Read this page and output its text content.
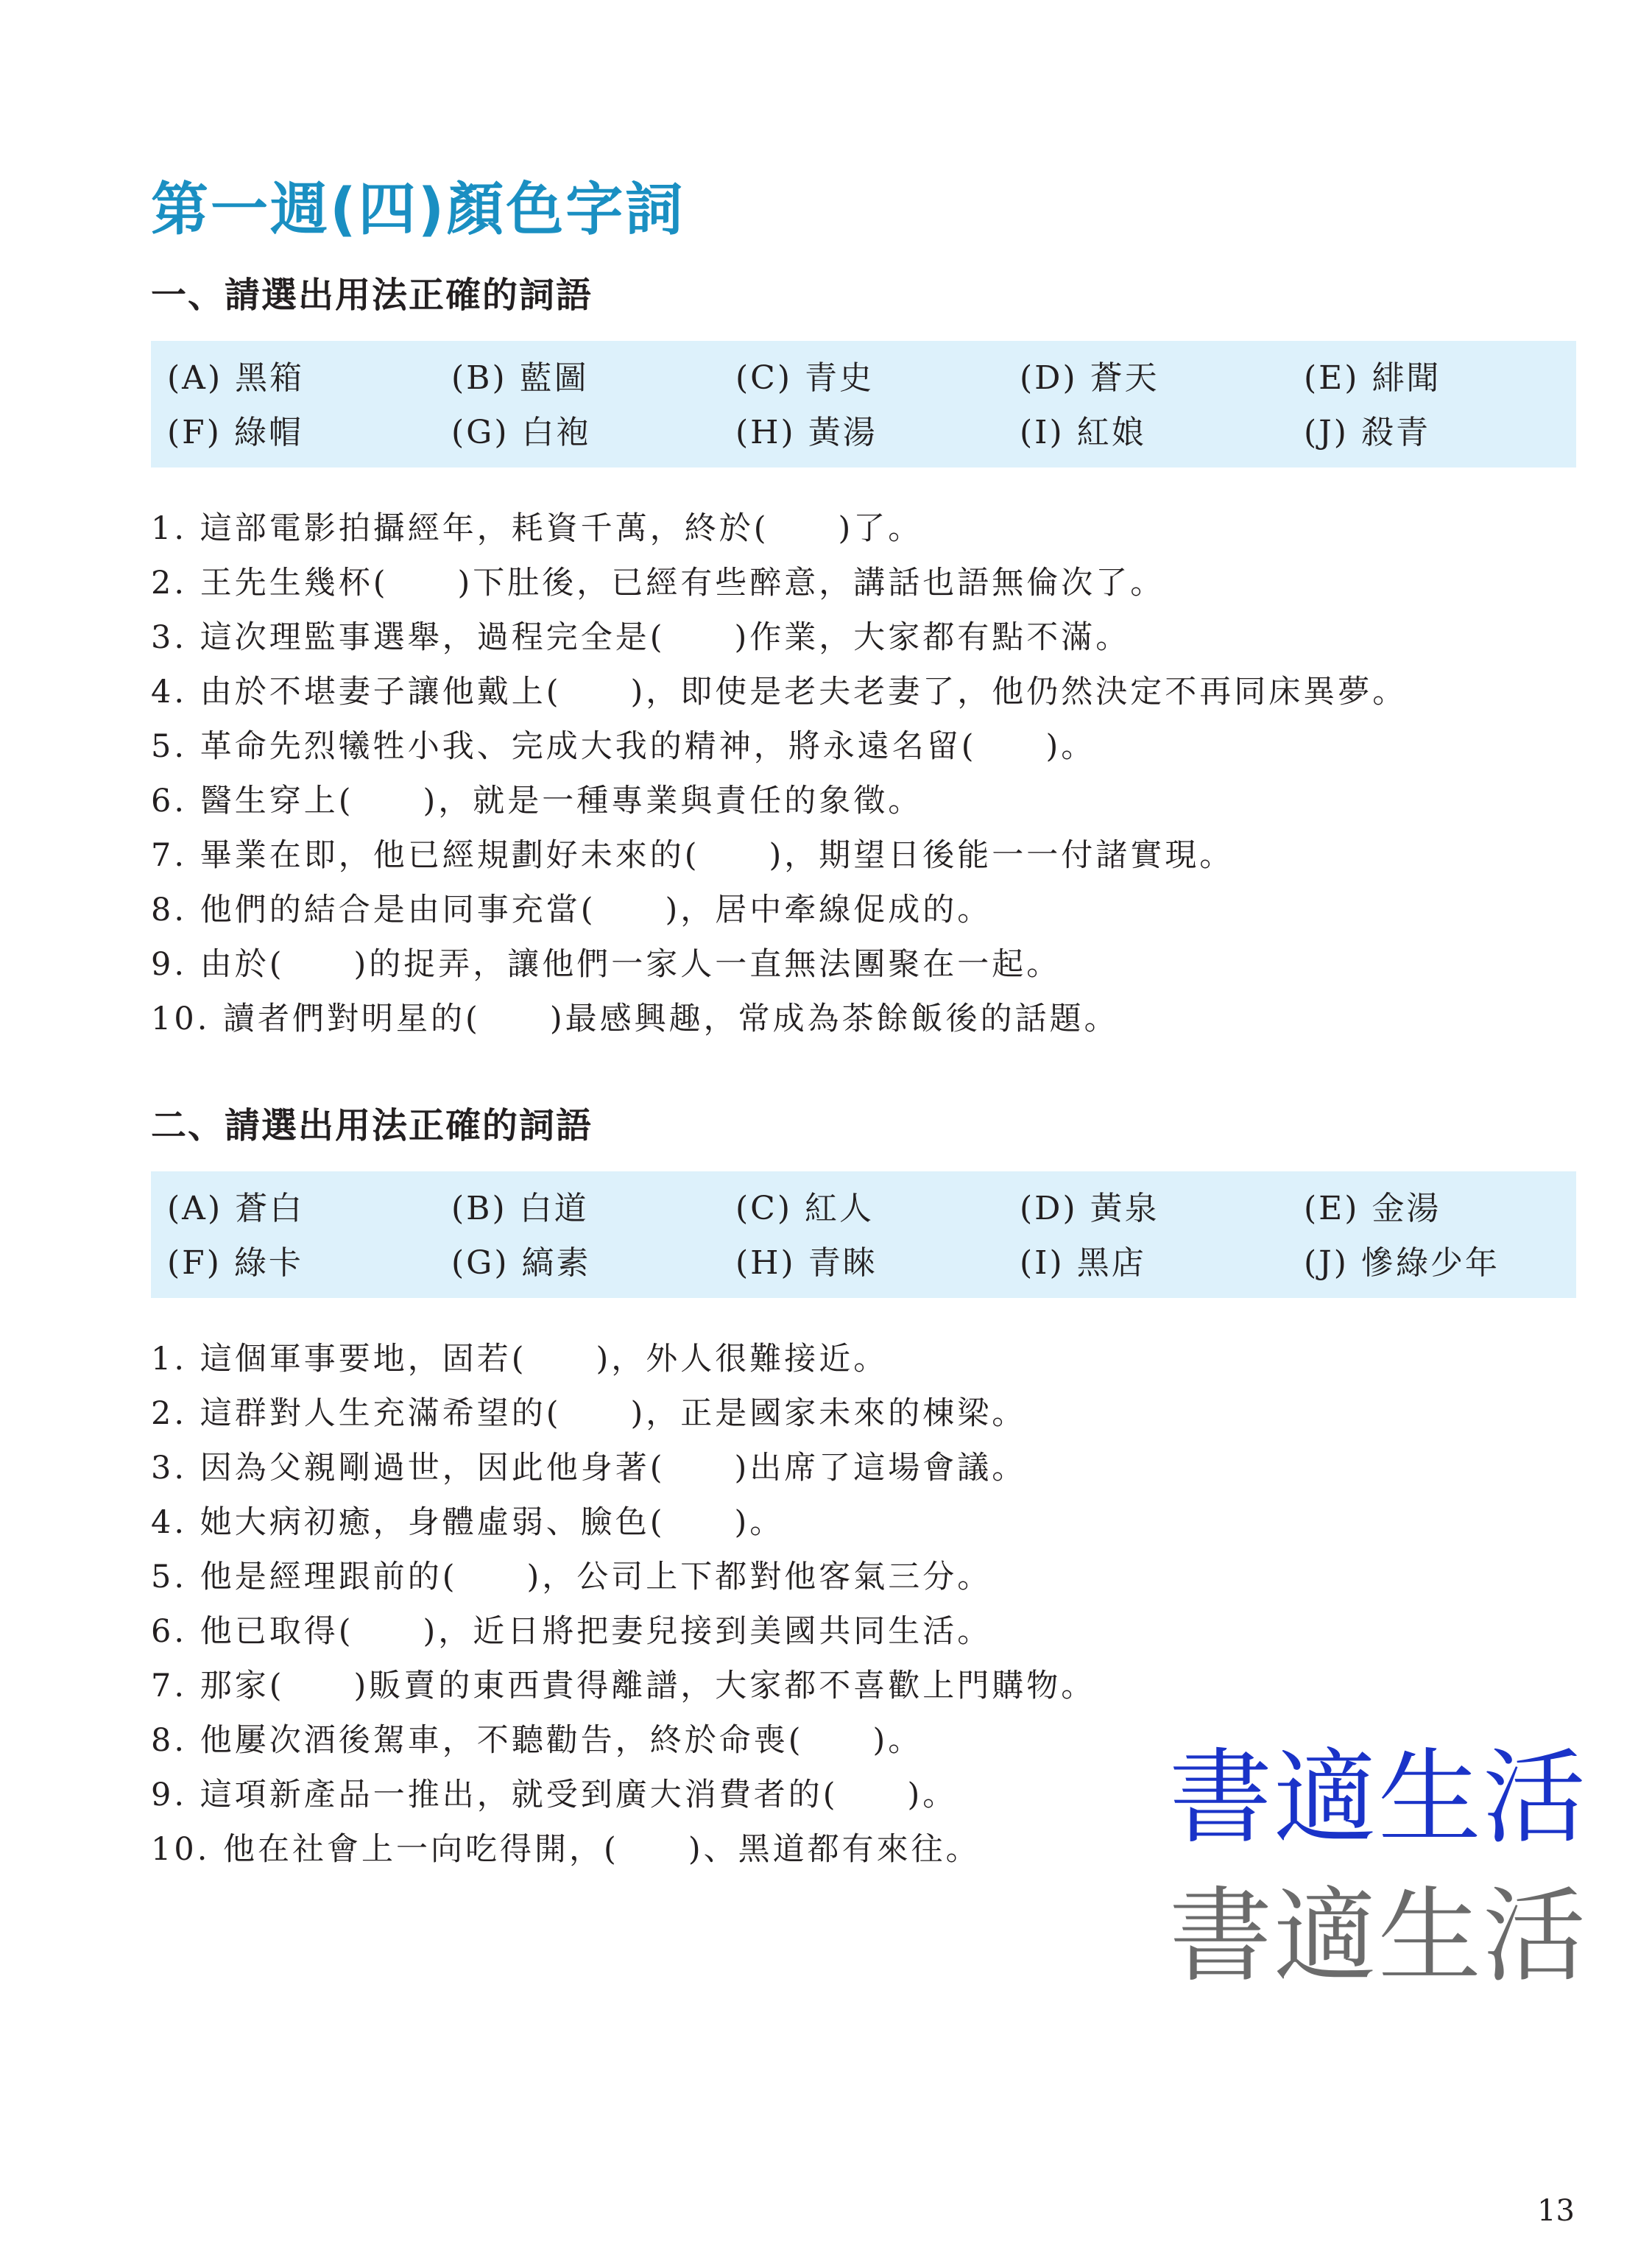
第一週(四)顏色字詞
一、請選出用法正確的詞語
(A) 黑箱	(B) 藍圖	(C) 青史	(D) 蒼天	(E) 緋聞
(F) 綠帽	(G) 白袍	(H) 黃湯	(I) 紅娘	(J) 殺青
1. 這部電影拍攝經年，耗資千萬，終於(　　)了。
2. 王先生幾杯(　　)下肚後，已經有些醉意，講話也語無倫次了。
3. 這次理監事選舉，過程完全是(　　)作業，大家都有點不滿。
4. 由於不堪妻子讓他戴上(　　)，即使是老夫老妻了，他仍然決定不再同床異夢。
5. 革命先烈犧牲小我、完成大我的精神，將永遠名留(　　)。
6. 醫生穿上(　　)，就是一種專業與責任的象徵。
7. 畢業在即，他已經規劃好未來的(　　)，期望日後能一一付諸實現。
8. 他們的結合是由同事充當(　　)，居中牽線促成的。
9. 由於(　　)的捉弄，讓他們一家人一直無法團聚在一起。
10. 讀者們對明星的(　　)最感興趣，常成為茶餘飯後的話題。
二、請選出用法正確的詞語
(A) 蒼白	(B) 白道	(C) 紅人	(D) 黃泉	(E) 金湯
(F) 綠卡	(G) 縞素	(H) 青睞	(I) 黑店	(J) 慘綠少年
1. 這個軍事要地，固若(　　)，外人很難接近。
2. 這群對人生充滿希望的(　　)，正是國家未來的棟梁。
3. 因為父親剛過世，因此他身著(　　)出席了這場會議。
4. 她大病初癒，身體虛弱、臉色(　　)。
5. 他是經理跟前的(　　)，公司上下都對他客氣三分。
6. 他已取得(　　)，近日將把妻兒接到美國共同生活。
7. 那家(　　)販賣的東西貴得離譜，大家都不喜歡上門購物。
8. 他屢次酒後駕車，不聽勸告，終於命喪(　　)。
9. 這項新產品一推出，就受到廣大消費者的(　　)。
10. 他在社會上一向吃得開，(　　)、黑道都有來往。	書適生活
書適生活
13
